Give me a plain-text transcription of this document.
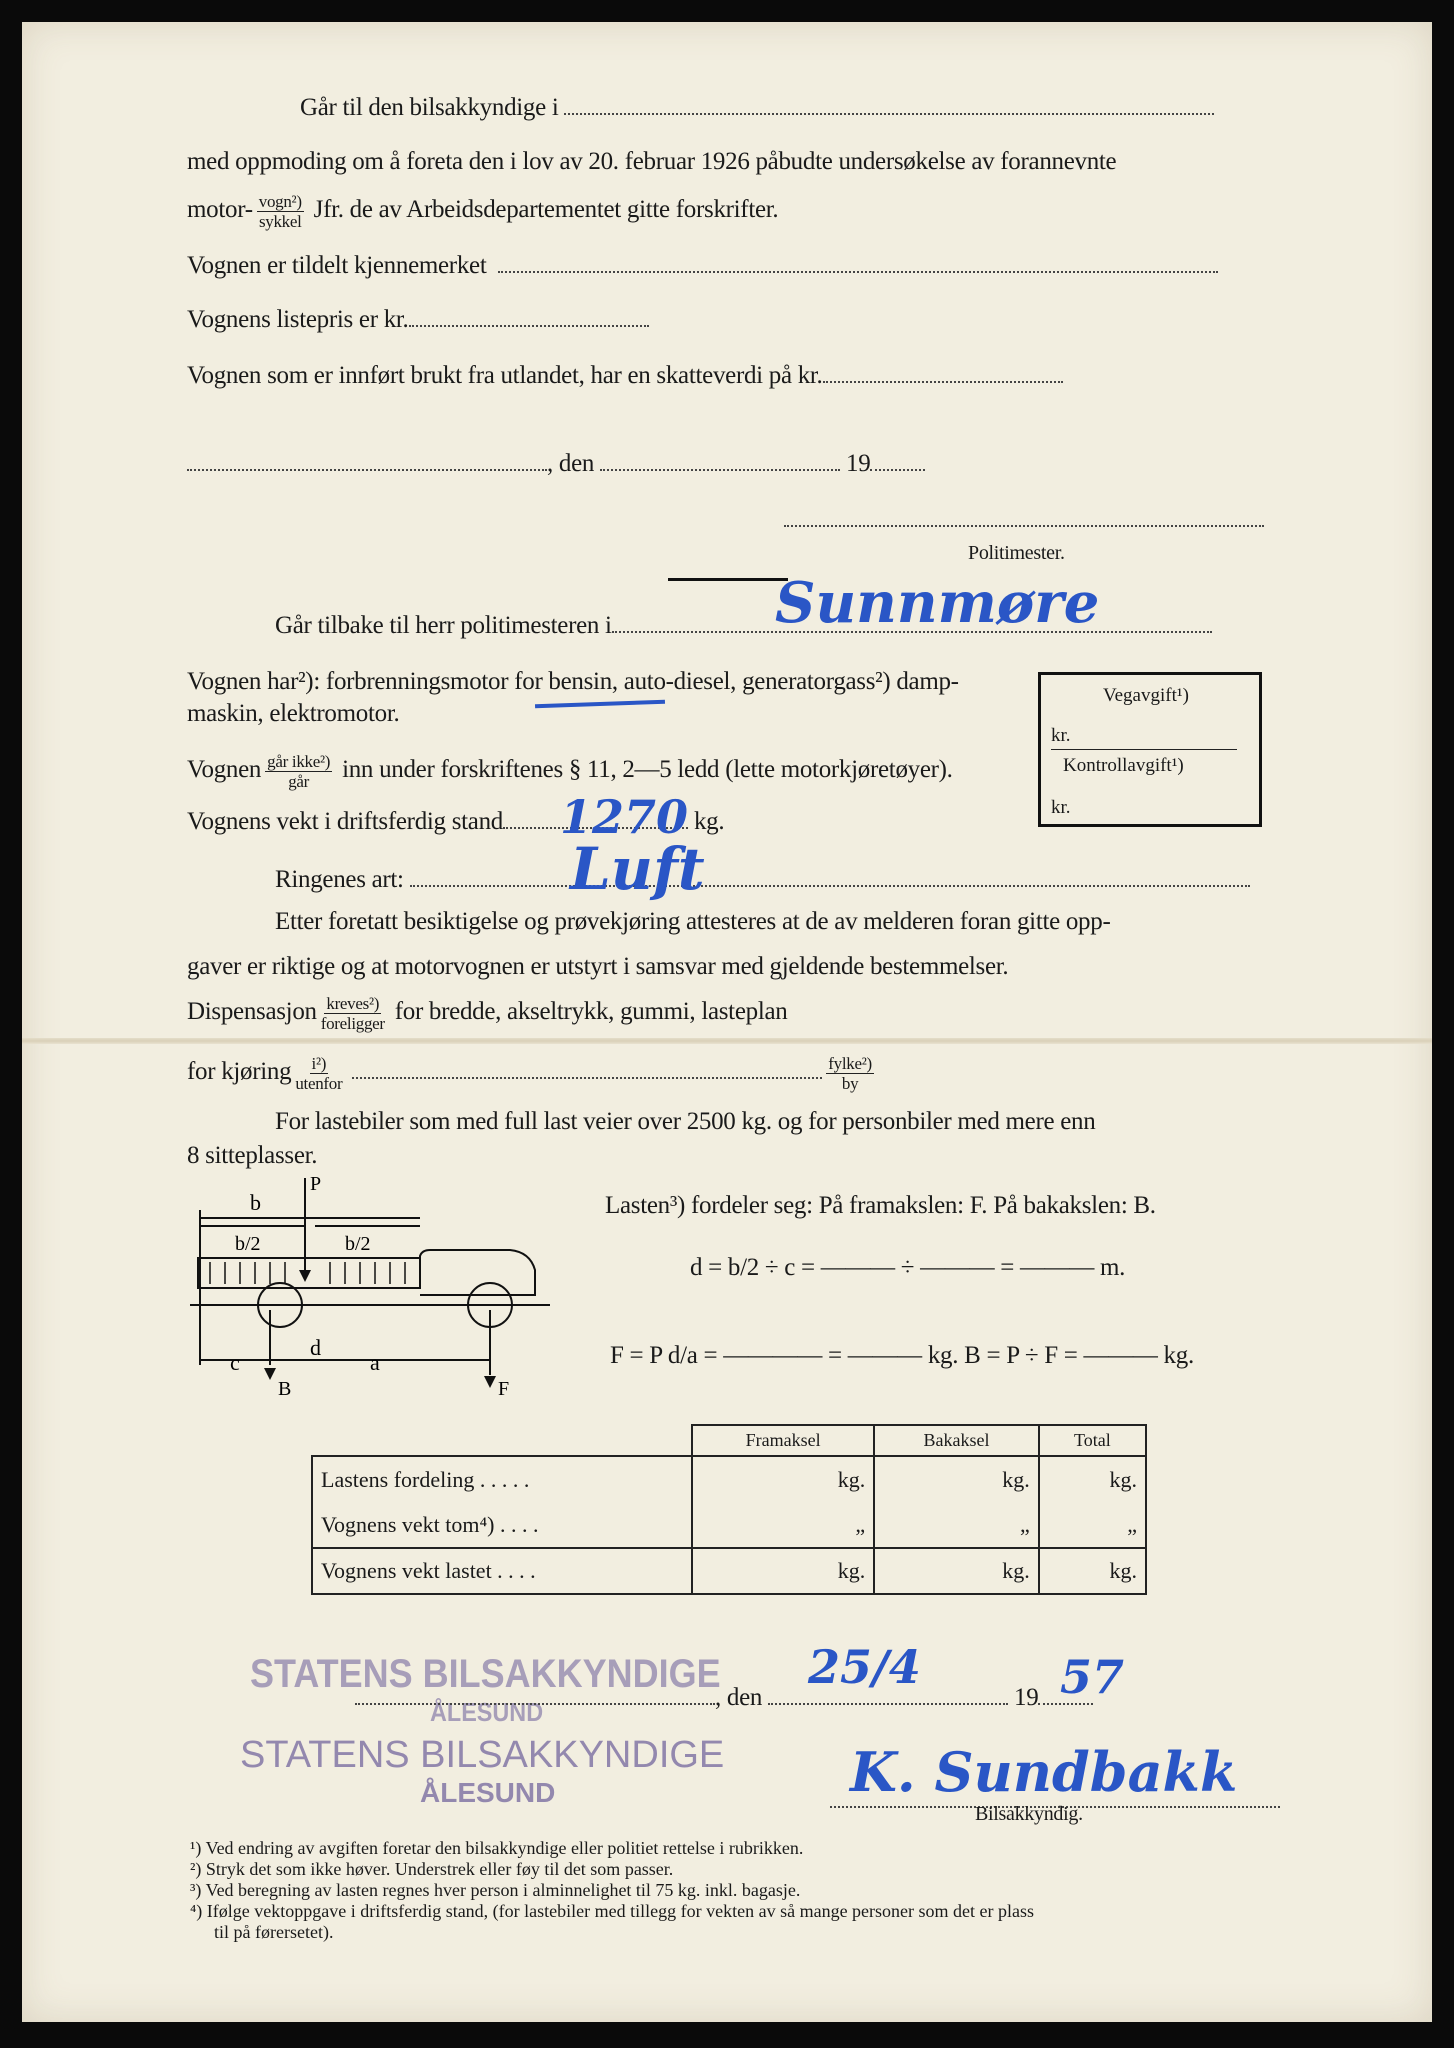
Går til den bilsakkyndige i
med oppmoding om å foreta den i lov av 20. februar 1926 påbudte undersøkelse av forannevnte
motor- $\frac{\text{vogn²)}}{\text{sykkel}}$ Jfr. de av Arbeidsdepartementet gitte forskrifter.
Vognen er tildelt kjennemerket
Vognens listepris er kr.
Vognen som er innført brukt fra utlandet, har en skatteverdi på kr.
, den	19
Politimester.
Går tilbake til herr politimesteren i	Sunnmøre
Vognen har²): forbrenningsmotor for bensin, auto-diesel, generatorgass²) damp-
maskin, elektromotor.
Vognen $\frac{\text{går ikke²)}}{\text{går}}$ inn under forskriftenes § 11, 2—5 ledd (lette motorkjøretøyer).
Vognens vekt i driftsferdig stand	kg.
1270
Ringenes art:	Luft
Etter foretatt besiktigelse og prøvekjøring attesteres at de av melderen foran gitte opp-
gaver er riktige og at motorvognen er utstyrt i samsvar med gjeldende bestemmelser.
Dispensasjon $\frac{\text{kreves²)}}{\text{foreligger}}$ for bredde, akseltrykk, gummi, lasteplan
for kjøring $\frac{\text{i²)}}{\text{utenfor}}$
	$\frac{\text{fylke²)}}{by}$
Vegavgift¹)
kr.
Kontrollavgift¹)
kr.
For lastebiler som med full last veier over 2500 kg. og for personbiler med mere enn
8 sitteplasser.
b
b/2	b/2
P
c	a
d
B	F
Lasten³) fordeler seg: På framakslen: F. På bakakslen: B.
d = b/2 ÷ c = ——— ÷ ——— = ——— m.
F = P d/a = ———— = ——— kg. B = P ÷ F = ——— kg.
	Framaksel	Bakaksel	Total
Lastens fordeling . . . . .	kg.	kg.	kg.
Vognens vekt tom⁴) . . . .	„	„	„
Vognens vekt lastet . . . .	kg.	kg.	kg.
STATENS BILSAKKYNDIGE
ÅLESUND
STATENS BILSAKKYNDIGE
ÅLESUND
, den	19
25/4	57
K. Sundbakk
Bilsakkyndig.
¹) Ved endring av avgiften foretar den bilsakkyndige eller politiet rettelse i rubrikken.
²) Stryk det som ikke høver. Understrek eller føy til det som passer.
³) Ved beregning av lasten regnes hver person i alminnelighet til 75 kg. inkl. bagasje.
⁴) Ifølge vektoppgave i driftsferdig stand, (for lastebiler med tillegg for vekten av så mange personer som det er plass
til på førersetet).
